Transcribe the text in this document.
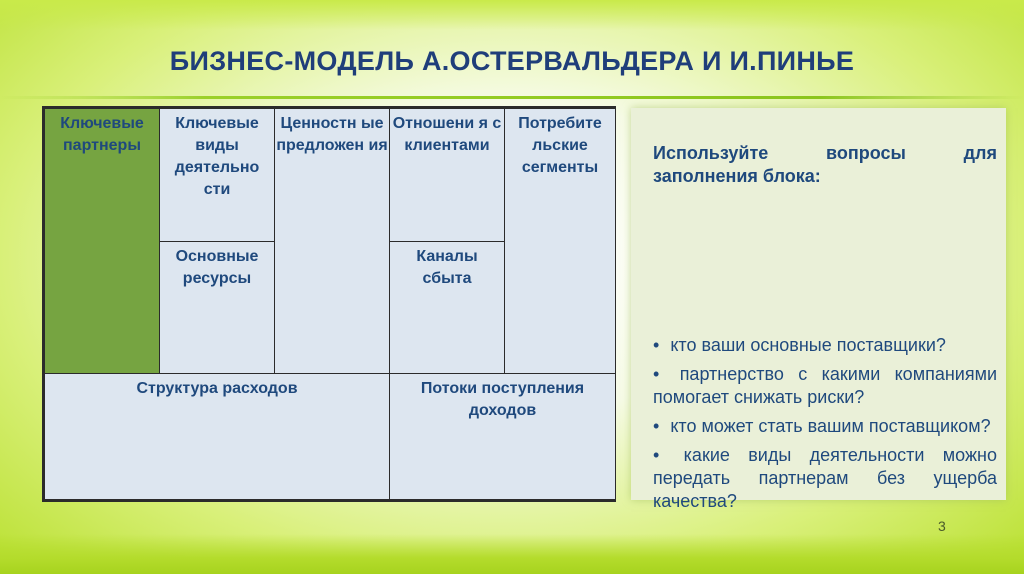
БИЗНЕС-МОДЕЛЬ А.ОСТЕРВАЛЬДЕРА И И.ПИНЬЕ
Ключевые партнеры
Ключевые виды деятельно сти
Основные ресурсы
Ценностн ые предложен ия
Отношени я с клиентами
Каналы сбыта
Потребите льские сегменты
Структура расходов	Потоки поступления доходов
Используйте вопросы для заполнения блока:
• кто ваши основные поставщики?
• партнерство с какими компаниями помогает снижать риски?
• кто может стать вашим поставщиком?
• какие виды деятельности можно передать партнерам без ущерба качества?
3
